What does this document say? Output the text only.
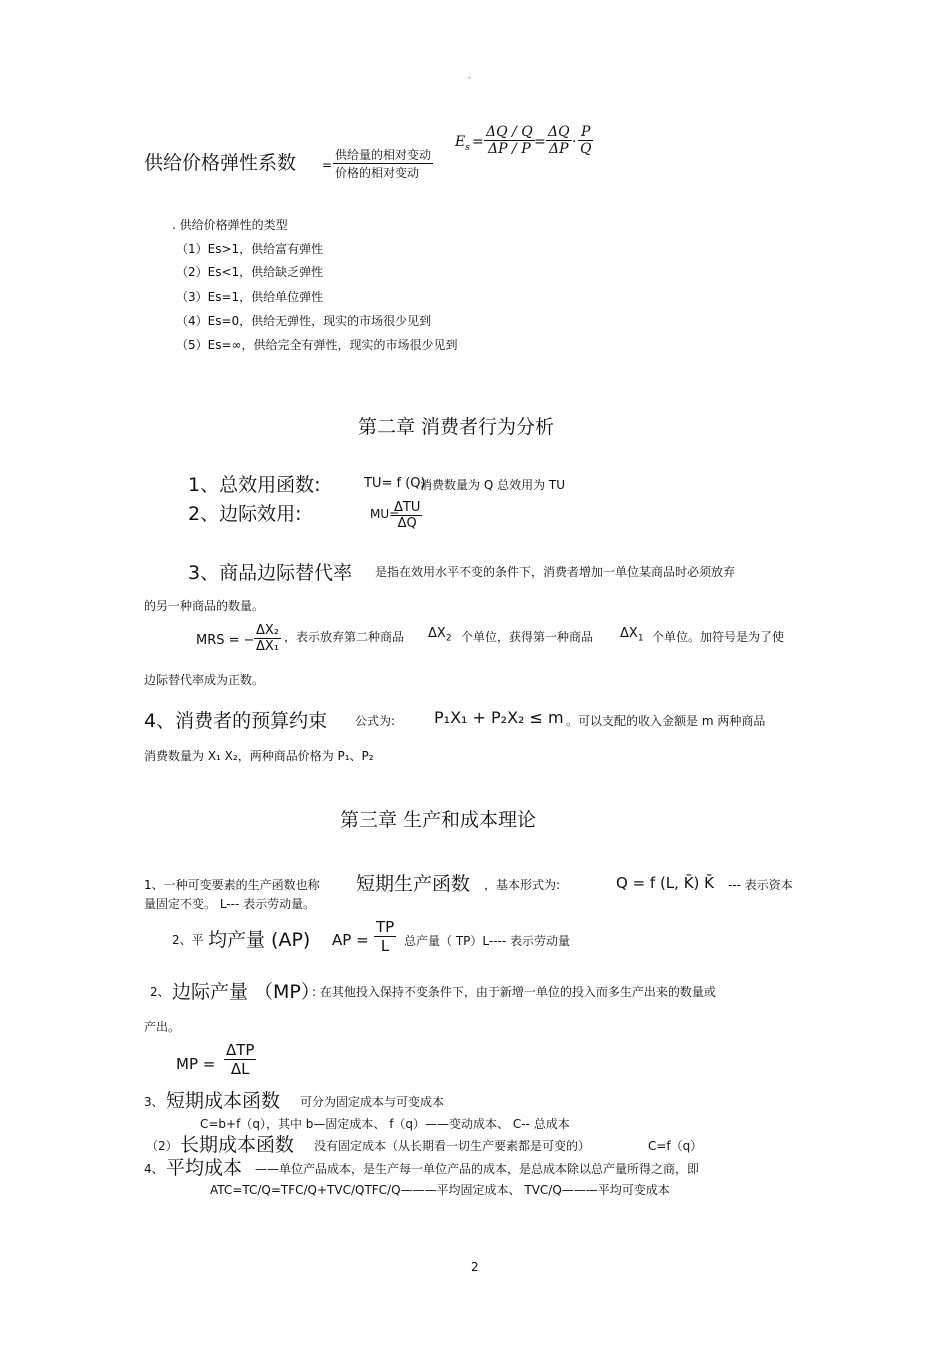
。
供给价格弹性系数 =
供给量的相对变动
价格的相对变动
$E_s = \frac{\Delta Q / Q}{\Delta P / P} = \frac{\Delta Q}{\Delta P} \cdot \frac{P}{Q}$
. 供给价格弹性的类型
（1）Es>1，供给富有弹性
（2）Es<1，供给缺乏弹性
（3）Es=1，供给单位弹性
（4）Es=0，供给无弹性，现实的市场很少见到
（5）Es=∞，供给完全有弹性，现实的市场很少见到
第二章 消费者行为分析
1、总效用函数:	TU= f (Q)
消费数量为 Q 总效用为 TU
2、边际效用:	MU=
ΔTU
ΔQ
3、商品边际替代率 是指在效用水平不变的条件下，消费者增加一单位某商品时必须放弃
的另一种商品的数量。
MRS = − $\frac{\text{ΔX₂}}{\text{ΔX₁}}$ ，表示放弃第二种商品 $\Delta X_2$ 个单位，获得第一种商品 $\Delta X_1$ 个单位。加符号是为了使
边际替代率成为正数。
4、消费者的预算约束 公式为: P₁X₁ + P₂X₂ ≤ m 。可以支配的收入金额是 m 两种商品
消费数量为 X₁ X₂，两种商品价格为 P₁、P₂
第三章 生产和成本理论
1、一种可变要素的生产函数也称 短期生产函数 ，基本形式为:	Q = f (L, K̄) K̄ --- 表示资本
量固定不变。 L--- 表示劳动量。
2、平 均产量 (AP) AP = $\frac{TP}{L}$ 总产量（ TP）L---- 表示劳动量
2、 边际产量 （MP）
: 在其他投入保持不变条件下，由于新增一单位的投入而多生产出来的数量或
产出。
MP =
ΔTP
ΔL
3、 短期成本函数 可分为固定成本与可变成本
C=b+f（q），其中 b—固定成本、 f（q）——变动成本、 C-- 总成本
（2） 长期成本函数 没有固定成本（从长期看一切生产要素都是可变的）	C=f（q）
4、 平均成本 ——单位产品成本，是生产每一单位产品的成本，是总成本除以总产量所得之商，即
ATC=TC/Q=TFC/Q+TVC/QTFC/Q———平均固定成本、 TVC/Q———平均可变成本
2
